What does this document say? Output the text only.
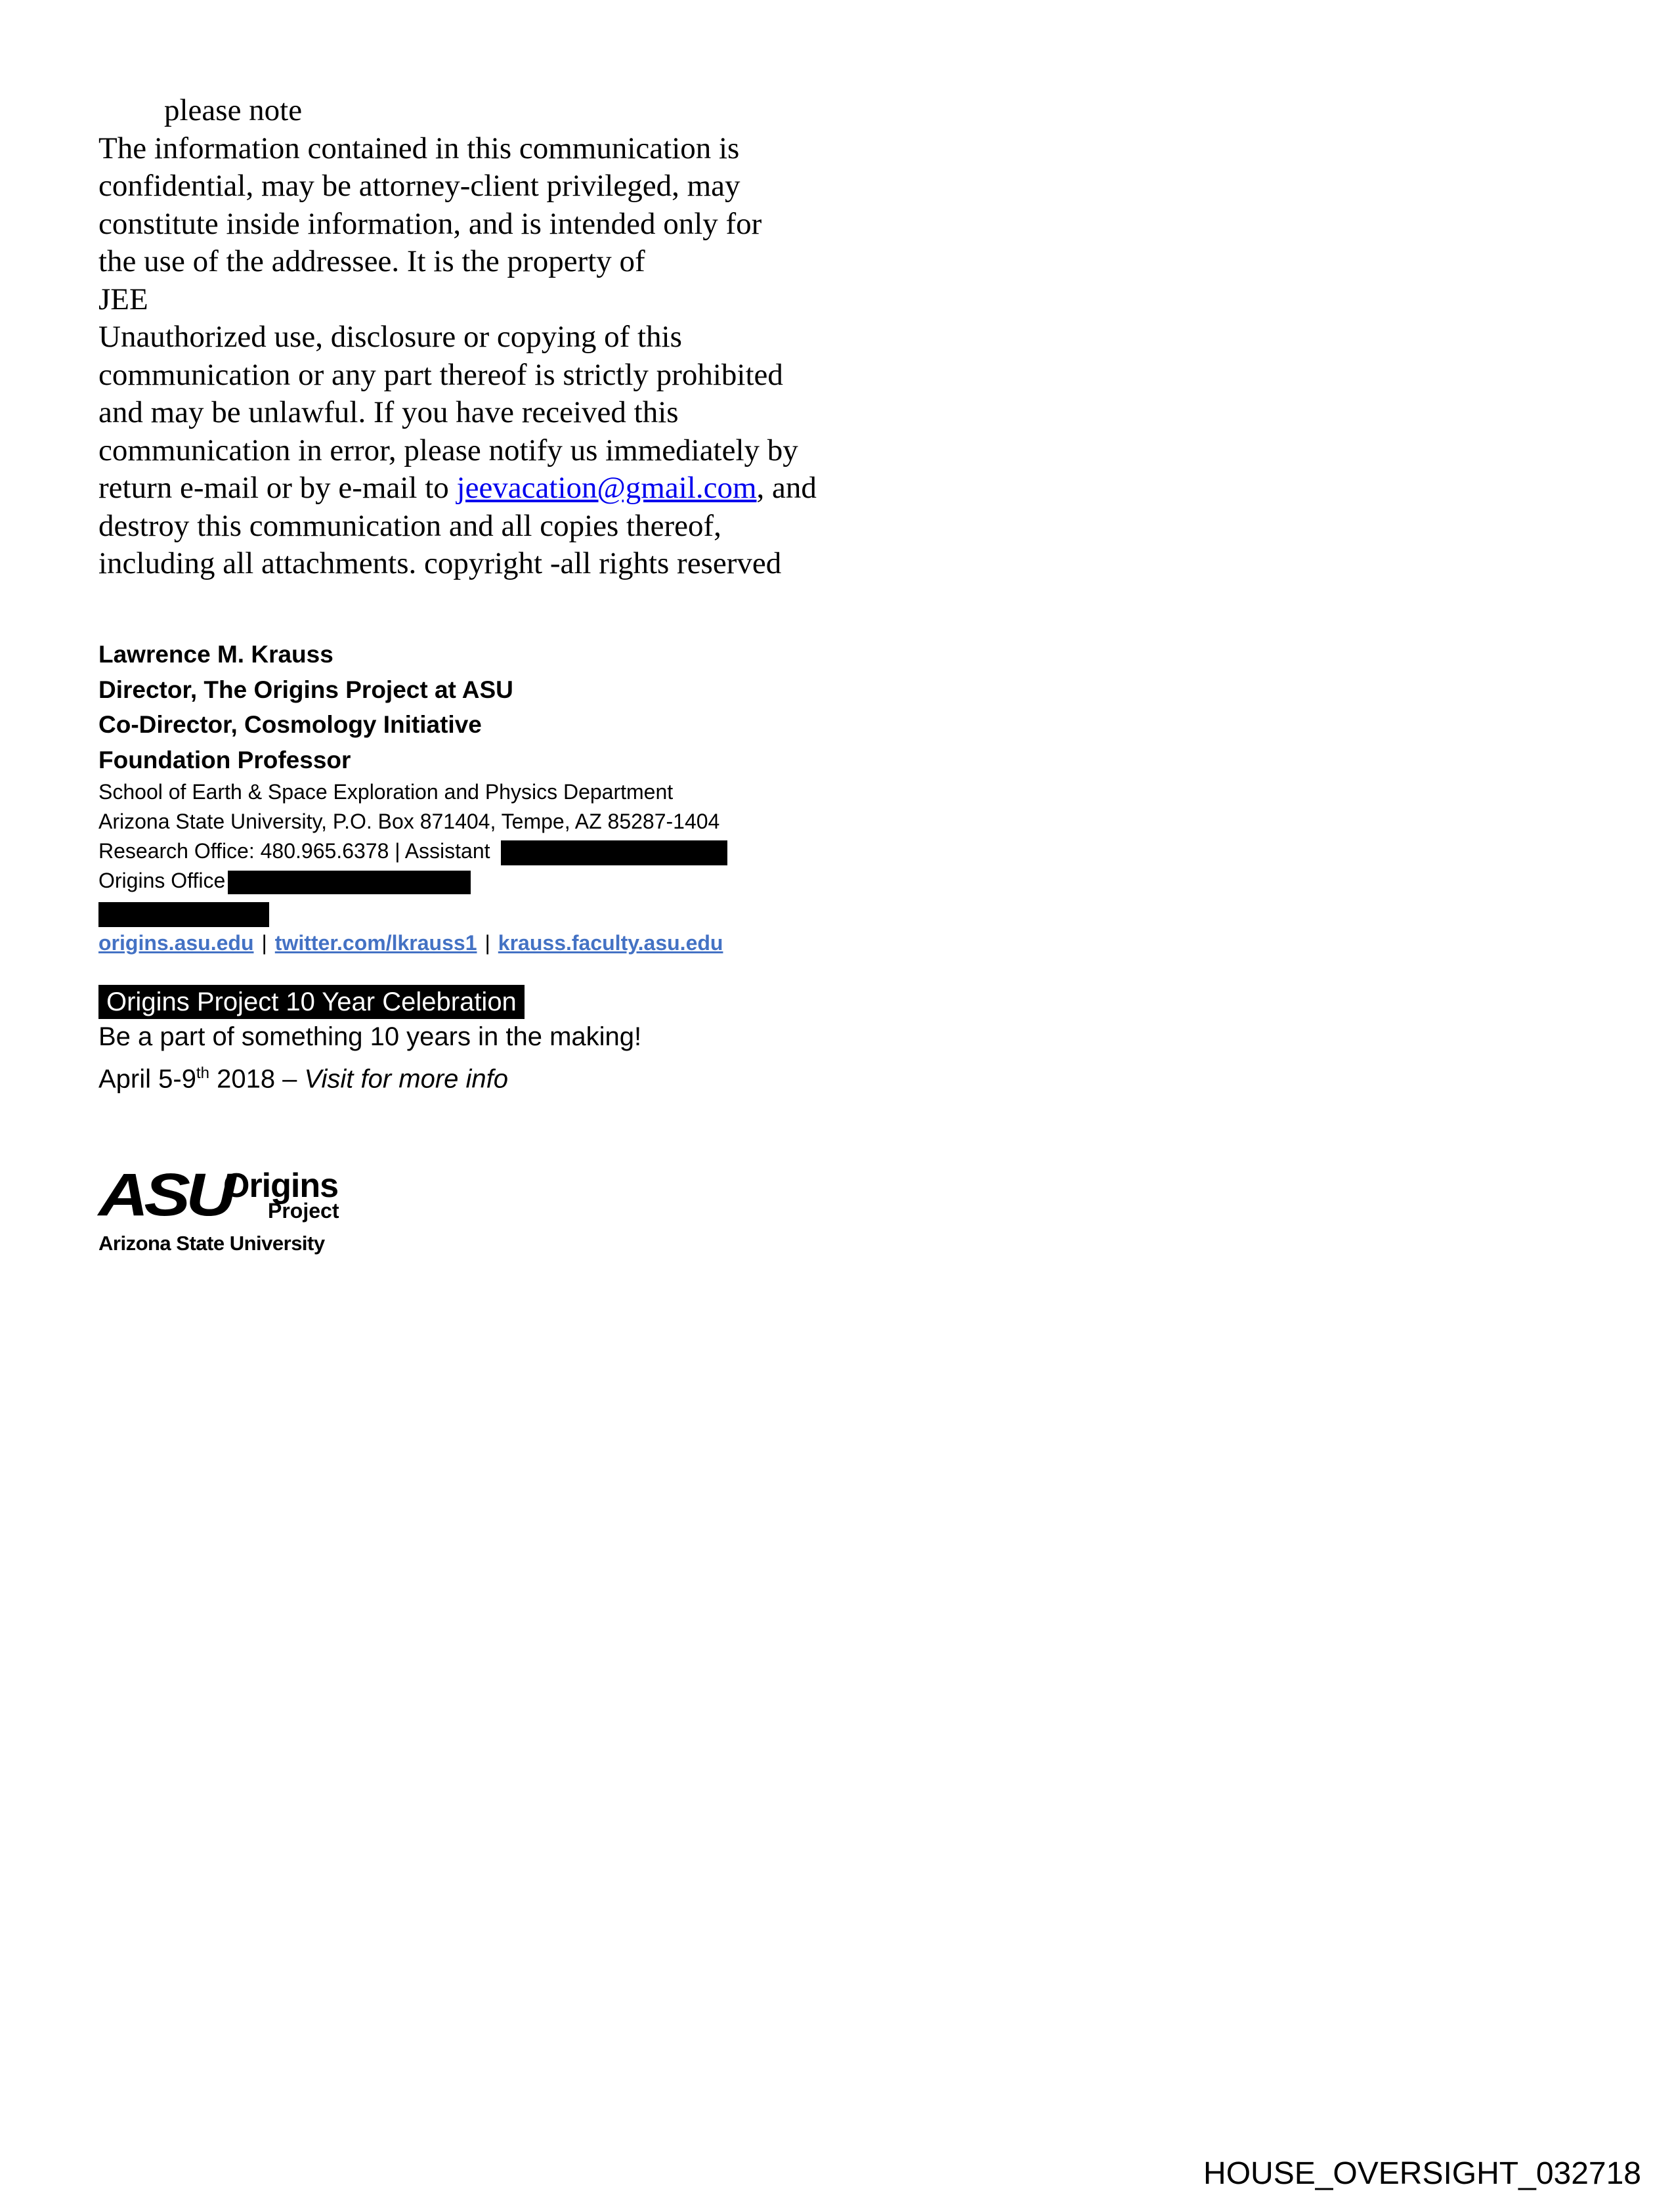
please note
The information contained in this communication is
confidential, may be attorney-client privileged, may
constitute inside information, and is intended only for
the use of the addressee. It is the property of
JEE
Unauthorized use, disclosure or copying of this
communication or any part thereof is strictly prohibited
and may be unlawful. If you have received this
communication in error, please notify us immediately by
return e-mail or by e-mail to jeevacation@gmail.com, and
destroy this communication and all copies thereof,
including all attachments. copyright -all rights reserved
Lawrence M. Krauss
Director, The Origins Project at ASU
Co-Director, Cosmology Initiative
Foundation Professor
School of Earth & Space Exploration and Physics Department
Arizona State University, P.O. Box 871404, Tempe, AZ 85287-1404
Research Office: 480.965.6378 | Assistant
Origins Office
origins.asu.edu | twitter.com/lkrauss1 | krauss.faculty.asu.edu
Origins Project 10 Year Celebration
Be a part of something 10 years in the making!
April 5-9th 2018 – Visit for more info
ASU
Origins
Project
Arizona State University
HOUSE_OVERSIGHT_032718
